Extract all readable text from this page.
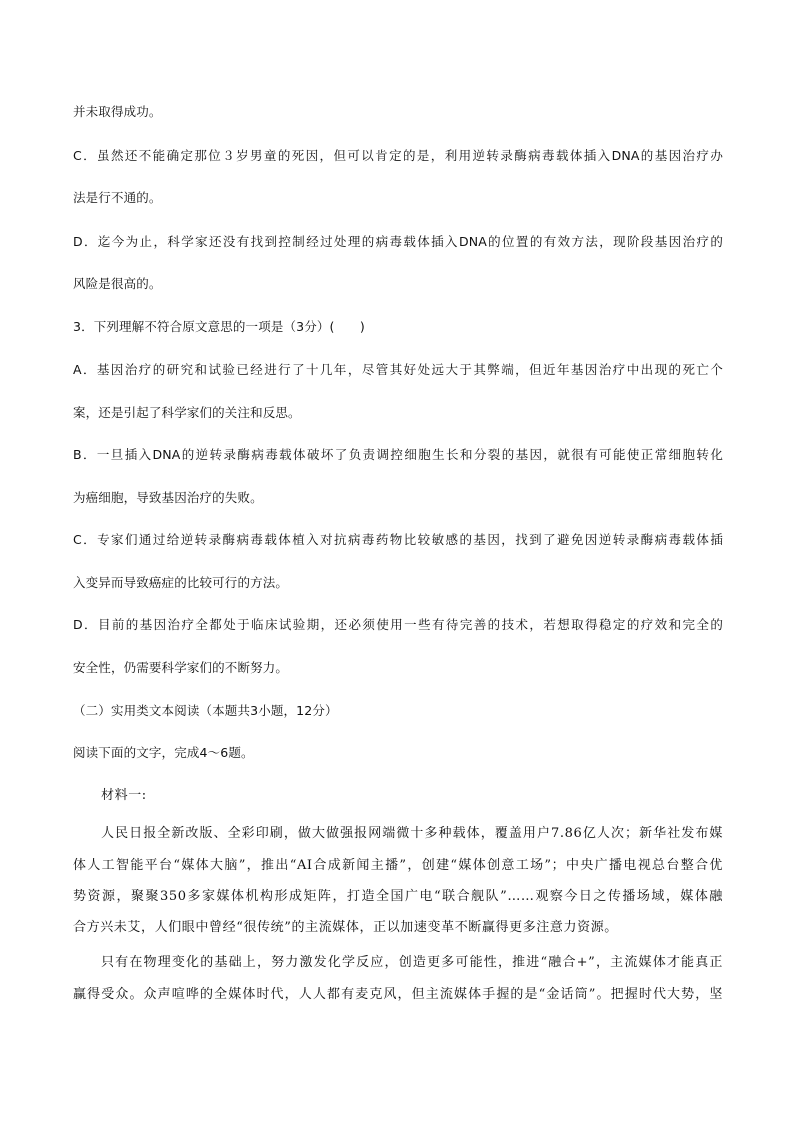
并未取得成功。

C．虽然还不能确定那位３岁男童的死因，但可以肯定的是，利用逆转录酶病毒载体插入DNA的基因治疗办

法是行不通的。

D．迄今为止，科学家还没有找到控制经过处理的病毒载体插入DNA的位置的有效方法，现阶段基因治疗的

风险是很高的。

3．下列理解不符合原文意思的一项是（3分）(　　)

A．基因治疗的研究和试验已经进行了十几年，尽管其好处远大于其弊端，但近年基因治疗中出现的死亡个

案，还是引起了科学家们的关注和反思。

B．一旦插入DNA的逆转录酶病毒载体破坏了负责调控细胞生长和分裂的基因，就很有可能使正常细胞转化

为癌细胞，导致基因治疗的失败。

C．专家们通过给逆转录酶病毒载体植入对抗病毒药物比较敏感的基因，找到了避免因逆转录酶病毒载体插

入变异而导致癌症的比较可行的方法。

D．目前的基因治疗全都处于临床试验期，还必须使用一些有待完善的技术，若想取得稳定的疗效和完全的

安全性，仍需要科学家们的不断努力。

（二）实用类文本阅读（本题共3小题，12分）

阅读下面的文字，完成4～6题。

材料一:

人民日报全新改版、全彩印刷，做大做强报网端微十多种载体，覆盖用户7.86亿人次；新华社发布媒

体人工智能平台“媒体大脑”，推出“AI合成新闻主播”，创建“媒体创意工场”；中央广播电视总台整合优

势资源，聚聚350多家媒体机构形成矩阵，打造全国广电“联合舰队”……观察今日之传播场域，媒体融

合方兴未艾，人们眼中曾经“很传统”的主流媒体，正以加速变革不断赢得更多注意力资源。

只有在物理变化的基础上，努力激发化学反应，创造更多可能性，推进“融合+”，主流媒体才能真正

赢得受众。众声喧哗的全媒体时代，人人都有麦克风，但主流媒体手握的是“金话筒”。把握时代大势，坚
